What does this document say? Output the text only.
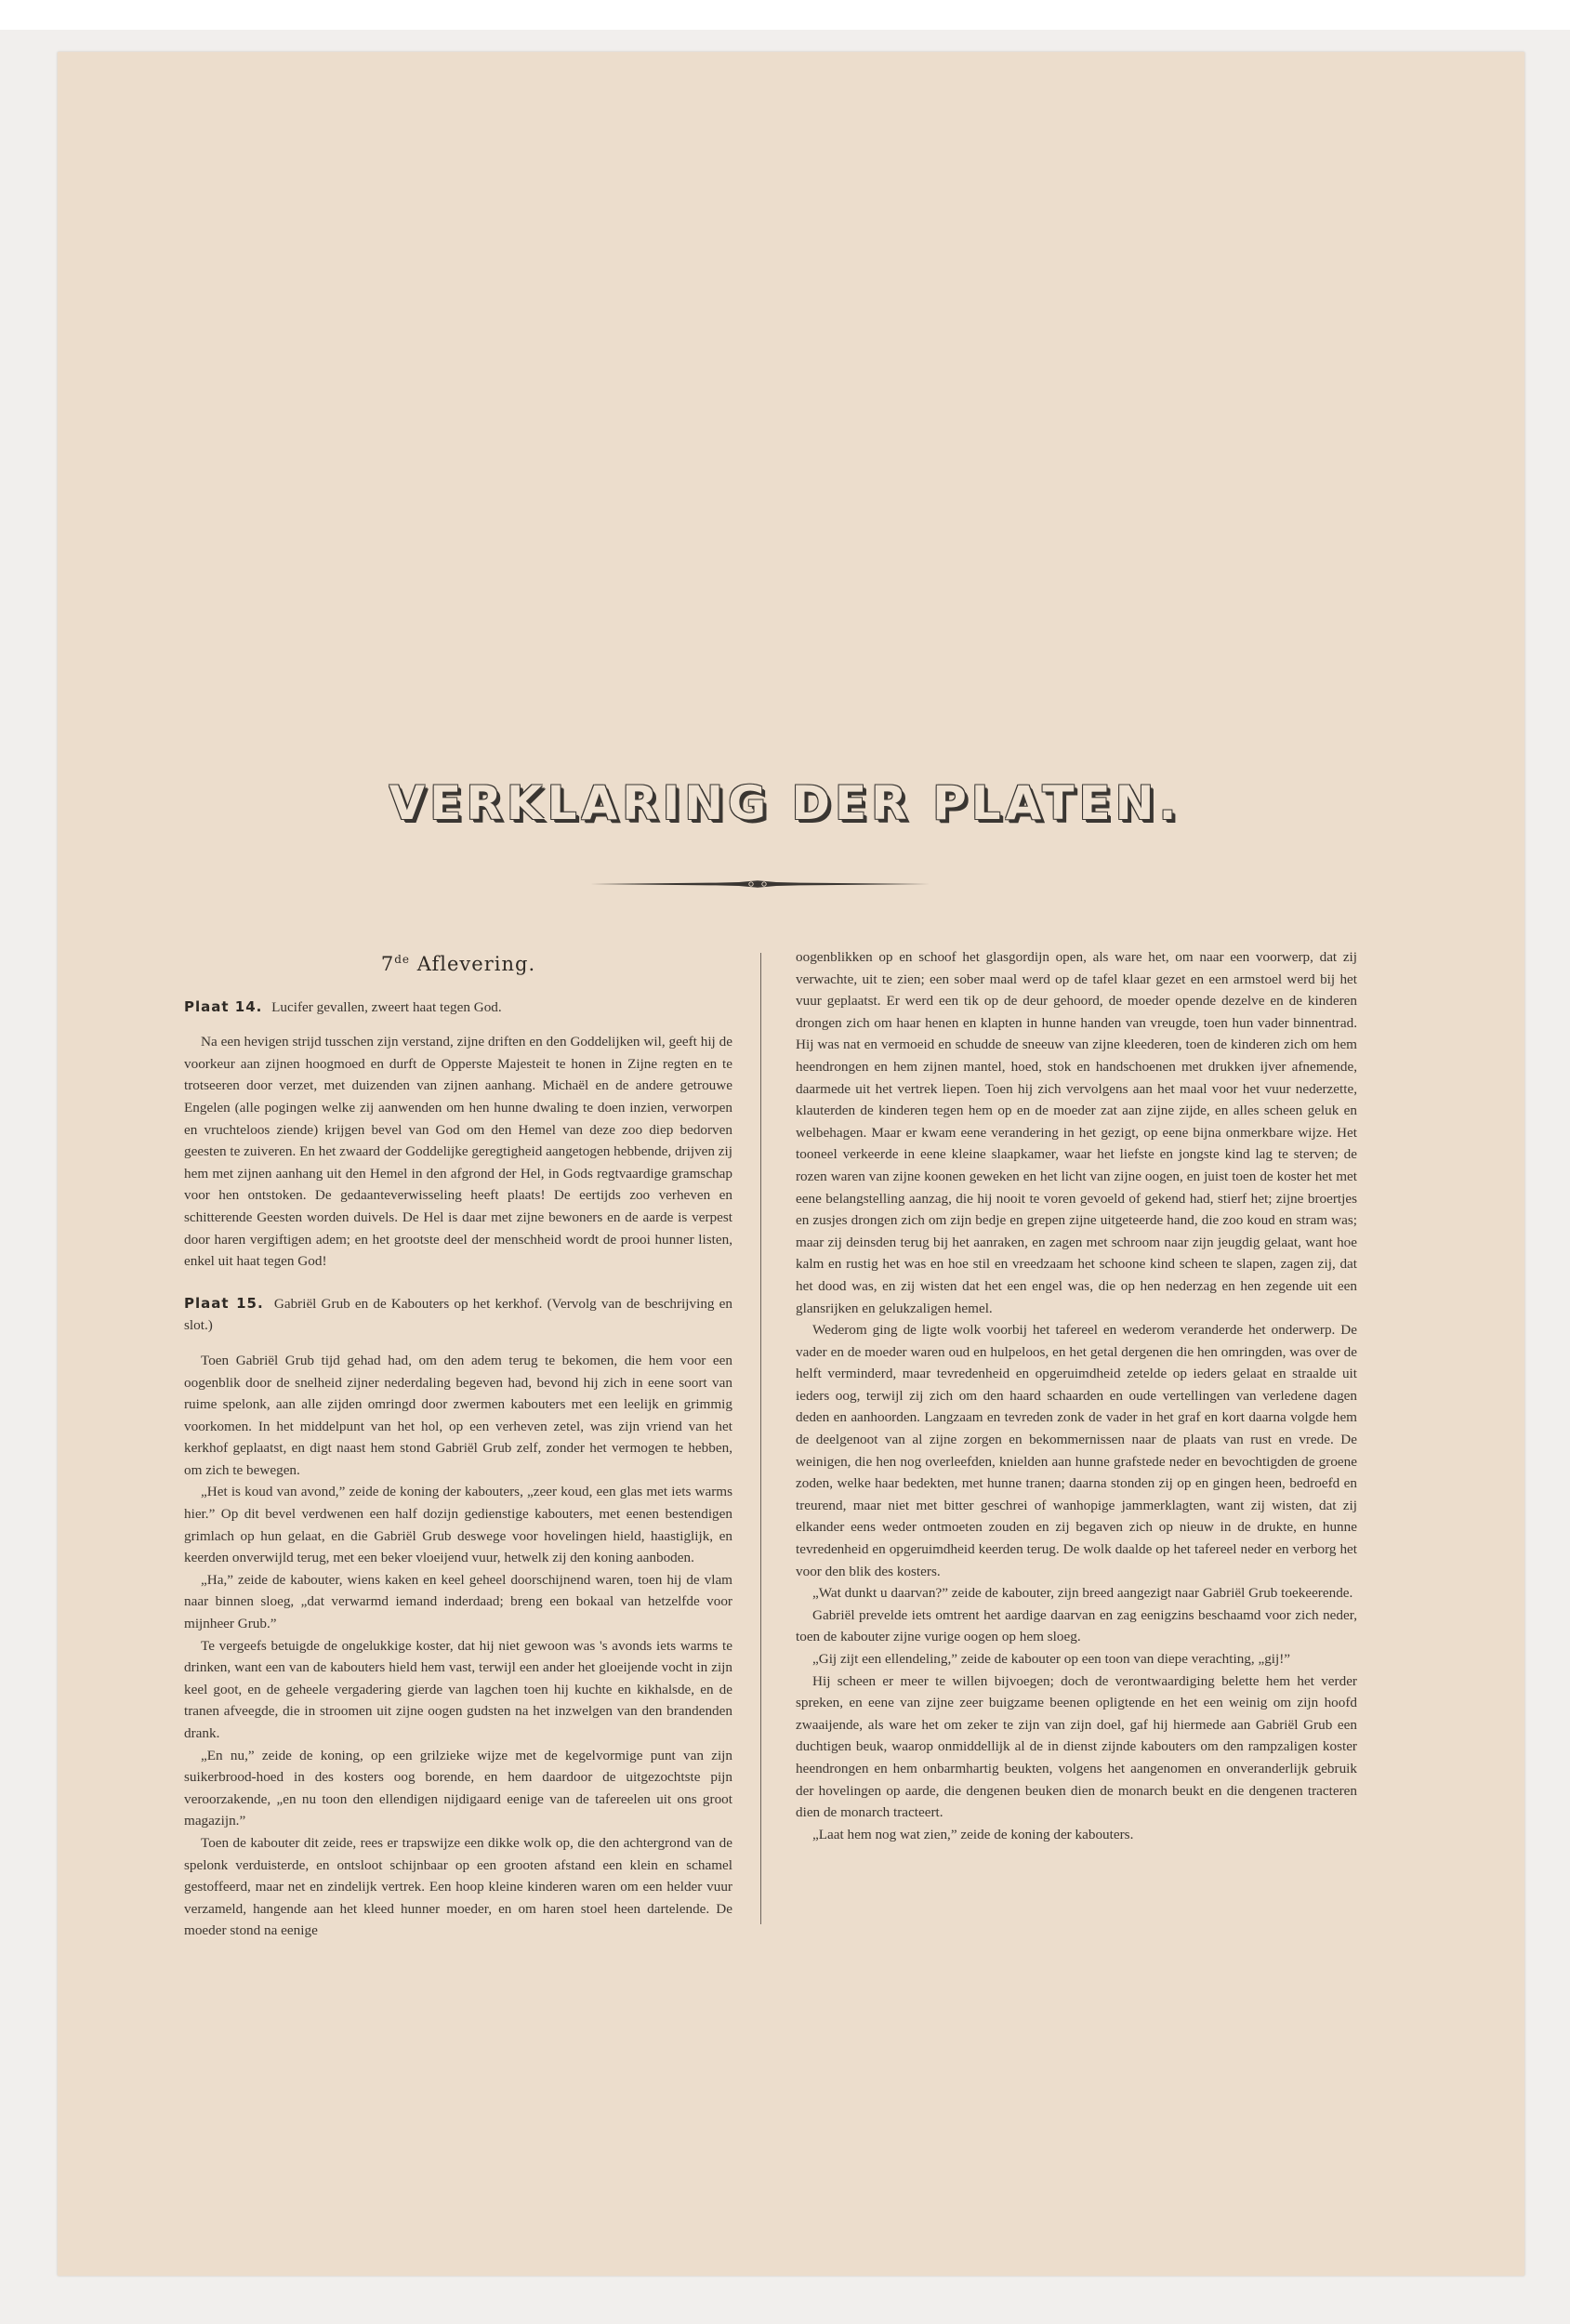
VERKLARING DER PLATEN.
7de Aflevering.

Plaat 14. Lucifer gevallen, zweert haat tegen God.

Na een hevigen strijd tusschen zijn verstand, zijne driften en den Goddelijken wil, geeft hij de voorkeur aan zijnen hoogmoed en durft de Opperste Majesteit te honen in Zijne regten en te trotseeren door verzet, met duizenden van zijnen aanhang. Michaël en de andere getrouwe Engelen (alle pogingen welke zij aanwenden om hen hunne dwaling te doen inzien, verworpen en vruchteloos ziende) krijgen bevel van God om den Hemel van deze zoo diep bedorven geesten te zuiveren. En het zwaard der Goddelijke geregtigheid aangetogen hebbende, drijven zij hem met zijnen aanhang uit den Hemel in den afgrond der Hel, in Gods regtvaardige gramschap voor hen ontstoken. De gedaanteverwisseling heeft plaats! De eertijds zoo verheven en schitterende Geesten worden duivels. De Hel is daar met zijne bewoners en de aarde is verpest door haren vergiftigen adem; en het grootste deel der menschheid wordt de prooi hunner listen, enkel uit haat tegen God!

Plaat 15. Gabriël Grub en de Kabouters op het kerkhof. (Vervolg van de beschrijving en slot.)

Toen Gabriël Grub tijd gehad had, om den adem terug te bekomen, die hem voor een oogenblik door de snelheid zijner nederdaling begeven had, bevond hij zich in eene soort van ruime spelonk, aan alle zijden omringd door zwermen kabouters met een leelijk en grimmig voorkomen. In het middelpunt van het hol, op een verheven zetel, was zijn vriend van het kerkhof geplaatst, en digt naast hem stond Gabriël Grub zelf, zonder het vermogen te hebben, om zich te bewegen.

„Het is koud van avond,” zeide de koning der kabouters, „zeer koud, een glas met iets warms hier.” Op dit bevel verdwenen een half dozijn gedienstige kabouters, met eenen bestendigen grimlach op hun gelaat, en die Gabriël Grub deswege voor hovelingen hield, haastiglijk, en keerden onverwijld terug, met een beker vloeijend vuur, hetwelk zij den koning aanboden.

„Ha,” zeide de kabouter, wiens kaken en keel geheel doorschijnend waren, toen hij de vlam naar binnen sloeg, „dat verwarmd iemand inderdaad; breng een bokaal van hetzelfde voor mijnheer Grub.”

Te vergeefs betuigde de ongelukkige koster, dat hij niet gewoon was 's avonds iets warms te drinken, want een van de kabouters hield hem vast, terwijl een ander het gloeijende vocht in zijn keel goot, en de geheele vergadering gierde van lagchen toen hij kuchte en kikhalsde, en de tranen afveegde, die in stroomen uit zijne oogen gudsten na het inzwelgen van den brandenden drank.

„En nu,” zeide de koning, op een grilzieke wijze met de kegelvormige punt van zijn suikerbrood-hoed in des kosters oog borende, en hem daardoor de uitgezochtste pijn veroorzakende, „en nu toon den ellendigen nijdigaard eenige van de tafereelen uit ons groot magazijn.”

Toen de kabouter dit zeide, rees er trapswijze een dikke wolk op, die den achtergrond van de spelonk verduisterde, en ontsloot schijnbaar op een grooten afstand een klein en schamel gestoffeerd, maar net en zindelijk vertrek. Een hoop kleine kinderen waren om een helder vuur verzameld, hangende aan het kleed hunner moeder, en om haren stoel heen dartelende. De moeder stond na eenige

oogenblikken op en schoof het glasgordijn open, als ware het, om naar een voorwerp, dat zij verwachte, uit te zien; een sober maal werd op de tafel klaar gezet en een armstoel werd bij het vuur geplaatst. Er werd een tik op de deur gehoord, de moeder opende dezelve en de kinderen drongen zich om haar henen en klapten in hunne handen van vreugde, toen hun vader binnentrad. Hij was nat en vermoeid en schudde de sneeuw van zijne kleederen, toen de kinderen zich om hem heendrongen en hem zijnen mantel, hoed, stok en handschoenen met drukken ijver afnemende, daarmede uit het vertrek liepen. Toen hij zich vervolgens aan het maal voor het vuur nederzette, klauterden de kinderen tegen hem op en de moeder zat aan zijne zijde, en alles scheen geluk en welbehagen. Maar er kwam eene verandering in het gezigt, op eene bijna onmerkbare wijze. Het tooneel verkeerde in eene kleine slaapkamer, waar het liefste en jongste kind lag te sterven; de rozen waren van zijne koonen geweken en het licht van zijne oogen, en juist toen de koster het met eene belangstelling aanzag, die hij nooit te voren gevoeld of gekend had, stierf het; zijne broertjes en zusjes drongen zich om zijn bedje en grepen zijne uitgeteerde hand, die zoo koud en stram was; maar zij deinsden terug bij het aanraken, en zagen met schroom naar zijn jeugdig gelaat, want hoe kalm en rustig het was en hoe stil en vreedzaam het schoone kind scheen te slapen, zagen zij, dat het dood was, en zij wisten dat het een engel was, die op hen nederzag en hen zegende uit een glansrijken en gelukzaligen hemel.

Wederom ging de ligte wolk voorbij het tafereel en wederom veranderde het onderwerp. De vader en de moeder waren oud en hulpeloos, en het getal dergenen die hen omringden, was over de helft verminderd, maar tevredenheid en opgeruimdheid zetelde op ieders gelaat en straalde uit ieders oog, terwijl zij zich om den haard schaarden en oude vertellingen van verledene dagen deden en aanhoorden. Langzaam en tevreden zonk de vader in het graf en kort daarna volgde hem de deelgenoot van al zijne zorgen en bekommernissen naar de plaats van rust en vrede. De weinigen, die hen nog overleefden, knielden aan hunne grafstede neder en bevochtigden de groene zoden, welke haar bedekten, met hunne tranen; daarna stonden zij op en gingen heen, bedroefd en treurend, maar niet met bitter geschrei of wanhopige jammerklagten, want zij wisten, dat zij elkander eens weder ontmoeten zouden en zij begaven zich op nieuw in de drukte, en hunne tevredenheid en opgeruimdheid keerden terug. De wolk daalde op het tafereel neder en verborg het voor den blik des kosters.

„Wat dunkt u daarvan?” zeide de kabouter, zijn breed aangezigt naar Gabriël Grub toekeerende.

Gabriël prevelde iets omtrent het aardige daarvan en zag eenigzins beschaamd voor zich neder, toen de kabouter zijne vurige oogen op hem sloeg.

„Gij zijt een ellendeling,” zeide de kabouter op een toon van diepe verachting, „gij!”

Hij scheen er meer te willen bijvoegen; doch de verontwaardiging belette hem het verder spreken, en eene van zijne zeer buigzame beenen opligtende en het een weinig om zijn hoofd zwaaijende, als ware het om zeker te zijn van zijn doel, gaf hij hiermede aan Gabriël Grub een duchtigen beuk, waarop onmiddellijk al de in dienst zijnde kabouters om den rampzaligen koster heendrongen en hem onbarmhartig beukten, volgens het aangenomen en onveranderlijk gebruik der hovelingen op aarde, die dengenen beuken dien de monarch beukt en die dengenen tracteren dien de monarch tracteert.

„Laat hem nog wat zien,” zeide de koning der kabouters.
